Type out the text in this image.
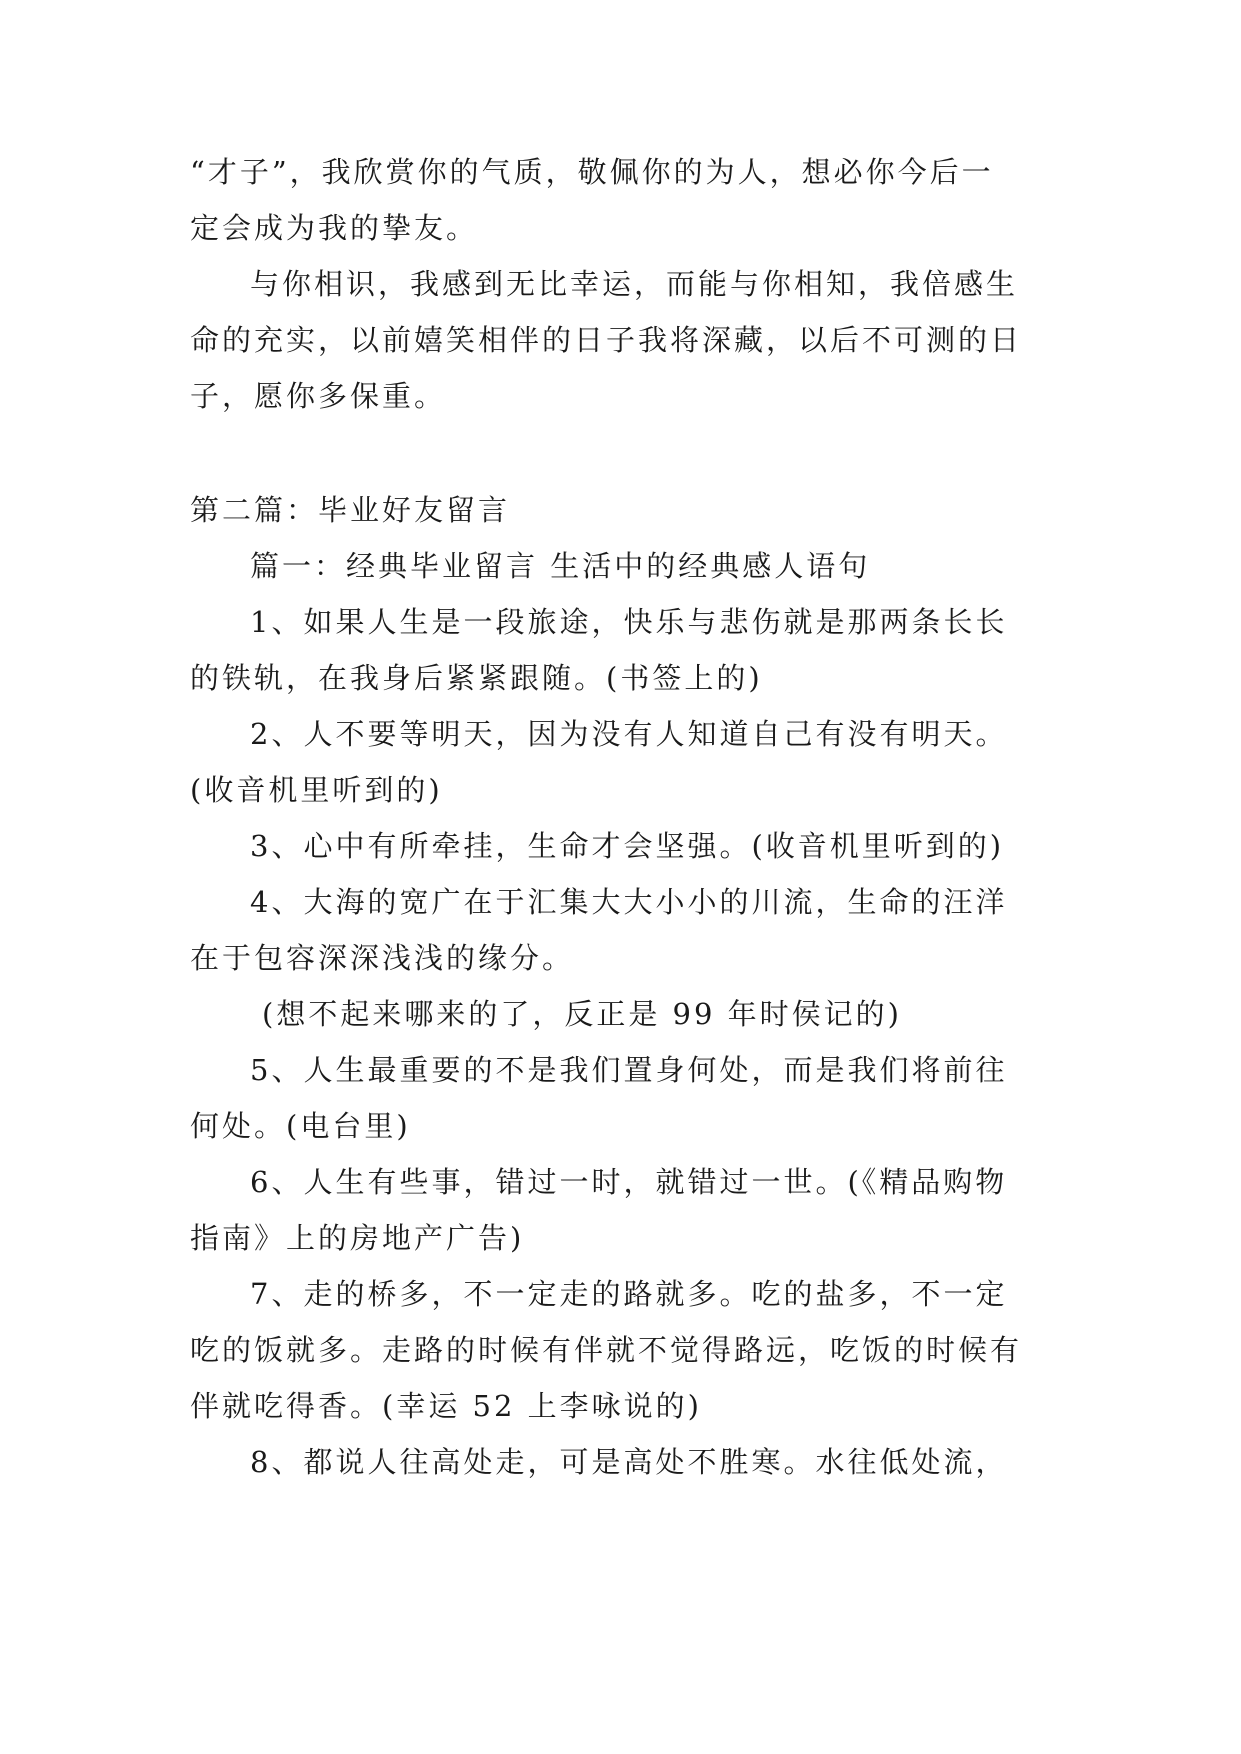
“才子”，我欣赏你的气质，敬佩你的为人，想必你今后一
定会成为我的挚友。
与你相识，我感到无比幸运，而能与你相知，我倍感生
命的充实，以前嬉笑相伴的日子我将深藏，以后不可测的日
子，愿你多保重。
第二篇：毕业好友留言
篇一：经典毕业留言 生活中的经典感人语句
1、如果人生是一段旅途，快乐与悲伤就是那两条长长
的铁轨，在我身后紧紧跟随。(书签上的)
2、人不要等明天，因为没有人知道自己有没有明天。
(收音机里听到的)
3、心中有所牵挂，生命才会坚强。(收音机里听到的)
4、大海的宽广在于汇集大大小小的川流，生命的汪洋
在于包容深深浅浅的缘分。
(想不起来哪来的了，反正是 99 年时侯记的)
5、人生最重要的不是我们置身何处，而是我们将前往
何处。(电台里)
6、人生有些事，错过一时，就错过一世。(《精品购物
指南》上的房地产广告)
7、走的桥多，不一定走的路就多。吃的盐多，不一定
吃的饭就多。走路的时候有伴就不觉得路远，吃饭的时候有
伴就吃得香。(幸运 52 上李咏说的)
8、都说人往高处走，可是高处不胜寒。水往低处流，
